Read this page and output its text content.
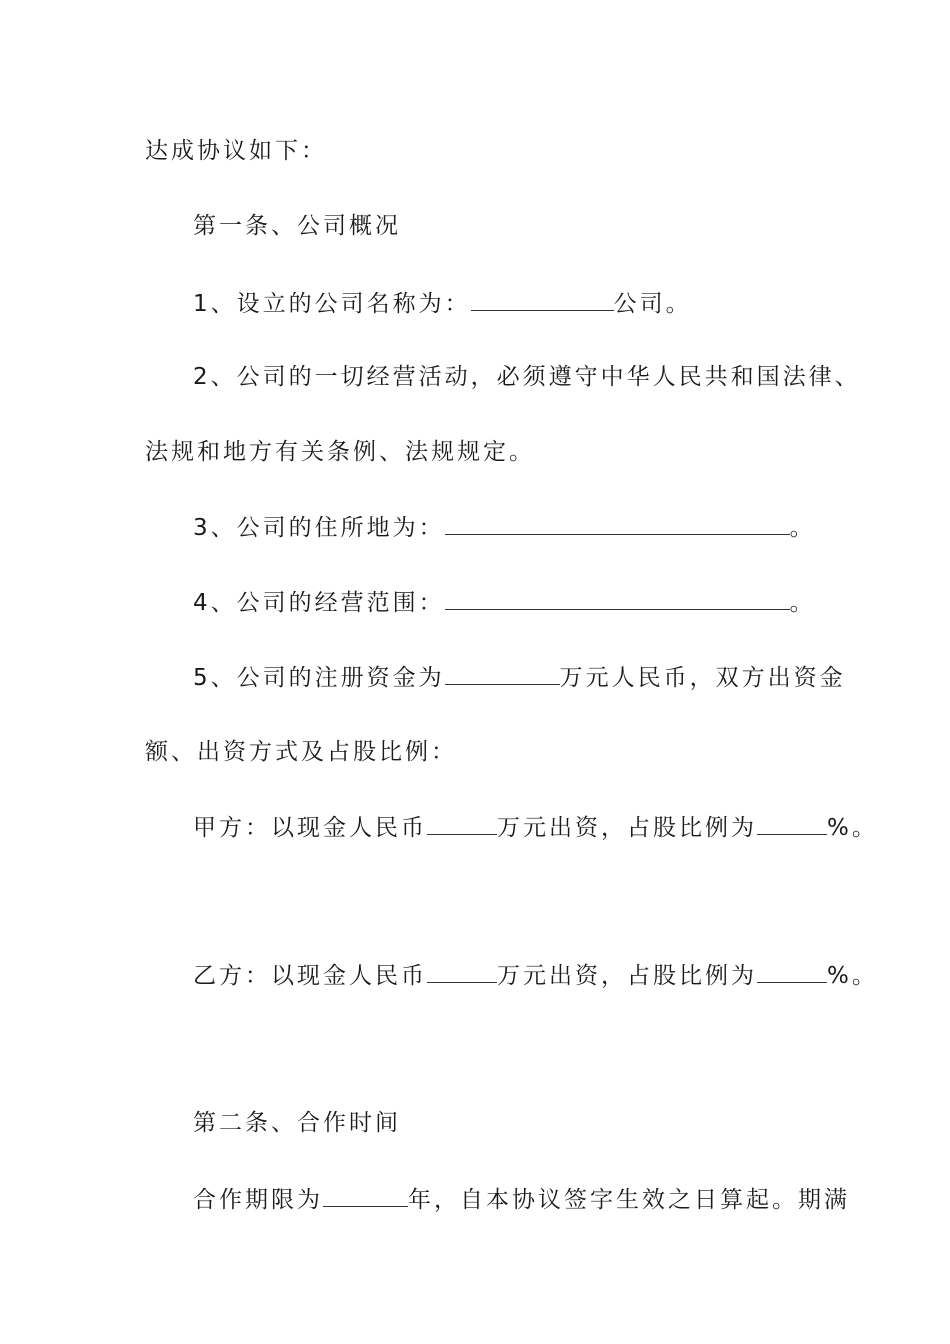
达成协议如下：

第一条、公司概况

1、设立的公司名称为：	公司。

2、公司的一切经营活动，必须遵守中华人民共和国法律、

法规和地方有关条例、法规规定。

3、公司的住所地为：	。

4、公司的经营范围：	。

5、公司的注册资金为	万元人民币，双方出资金

额、出资方式及占股比例：

甲方：以现金人民币	万元出资，占股比例为	%。

乙方：以现金人民币	万元出资，占股比例为	%。

第二条、合作时间

合作期限为	年，自本协议签字生效之日算起。期满
